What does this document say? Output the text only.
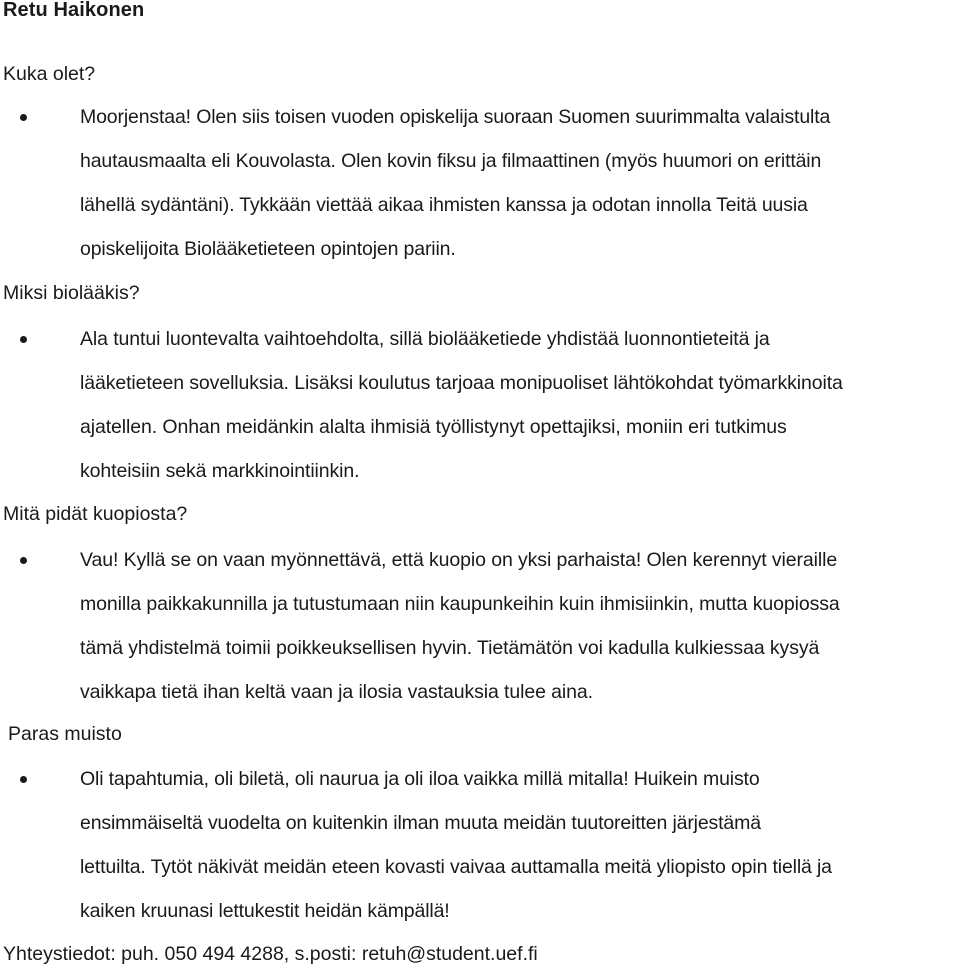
Retu Haikonen
Kuka olet?
Moorjenstaa! Olen siis toisen vuoden opiskelija suoraan Suomen suurimmalta valaistulta
hautausmaalta eli Kouvolasta. Olen kovin fiksu ja filmaattinen (myös huumori on erittäin
lähellä sydäntäni). Tykkään viettää aikaa ihmisten kanssa ja odotan innolla Teitä uusia
opiskelijoita Biolääketieteen opintojen pariin.
Miksi biolääkis?
Ala tuntui luontevalta vaihtoehdolta, sillä biolääketiede yhdistää luonnontieteitä ja
lääketieteen sovelluksia. Lisäksi koulutus tarjoaa monipuoliset lähtökohdat työmarkkinoita
ajatellen. Onhan meidänkin alalta ihmisiä työllistynyt opettajiksi, moniin eri tutkimus
kohteisiin sekä markkinointiinkin.
Mitä pidät kuopiosta?
Vau! Kyllä se on vaan myönnettävä, että kuopio on yksi parhaista! Olen kerennyt vieraille
monilla paikkakunnilla ja tutustumaan niin kaupunkeihin kuin ihmisiinkin, mutta kuopiossa
tämä yhdistelmä toimii poikkeuksellisen hyvin. Tietämätön voi kadulla kulkiessaa kysyä
vaikkapa tietä ihan keltä vaan ja ilosia vastauksia tulee aina.
Paras muisto
Oli tapahtumia, oli biletä, oli naurua ja oli iloa vaikka millä mitalla! Huikein muisto
ensimmäiseltä vuodelta on kuitenkin ilman muuta meidän tuutoreitten järjestämä
lettuilta. Tytöt näkivät meidän eteen kovasti vaivaa auttamalla meitä yliopisto opin tiellä ja
kaiken kruunasi lettukestit heidän kämpällä!
Yhteystiedot: puh. 050 494 4288, s.posti: retuh@student.uef.fi
